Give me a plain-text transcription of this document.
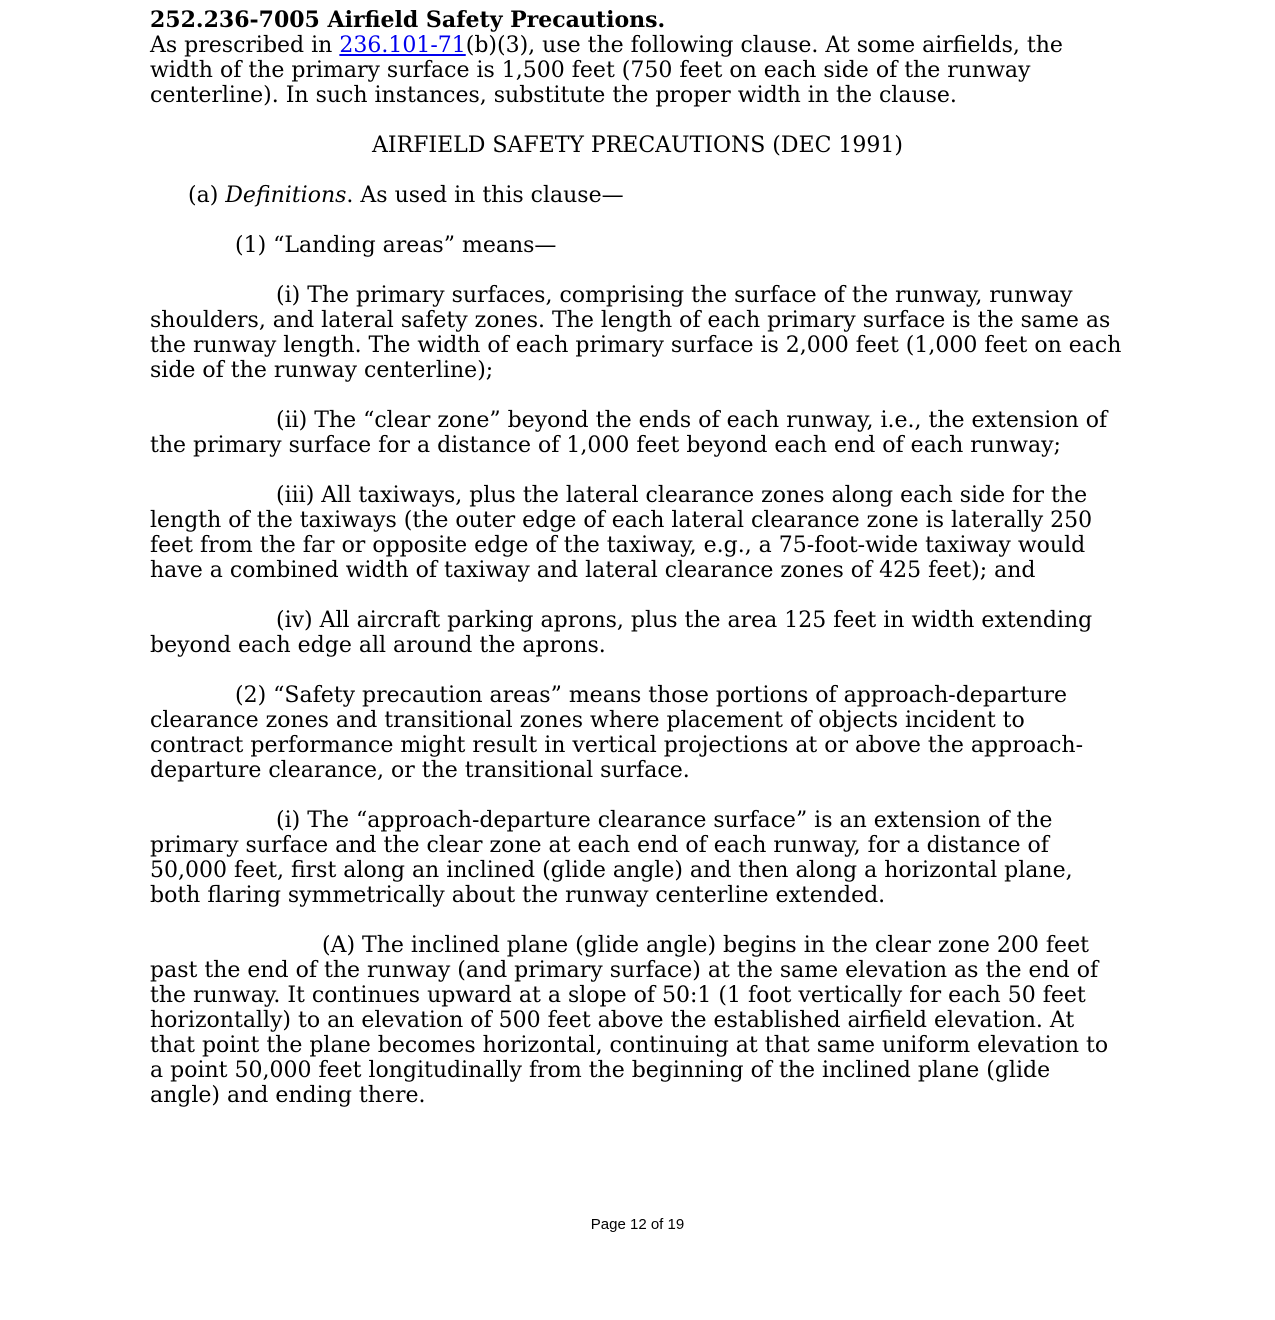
252.236-7005 Airfield Safety Precautions.

As prescribed in 236.101-71(b)(3), use the following clause. At some airfields, the width of the primary surface is 1,500 feet (750 feet on each side of the runway centerline). In such instances, substitute the proper width in the clause.

AIRFIELD SAFETY PRECAUTIONS (DEC 1991)

(a) Definitions. As used in this clause—

(1) “Landing areas” means—

(i) The primary surfaces, comprising the surface of the runway, runway shoulders, and lateral safety zones. The length of each primary surface is the same as the runway length. The width of each primary surface is 2,000 feet (1,000 feet on each side of the runway centerline);

(ii) The “clear zone” beyond the ends of each runway, i.e., the extension of the primary surface for a distance of 1,000 feet beyond each end of each runway;

(iii) All taxiways, plus the lateral clearance zones along each side for the length of the taxiways (the outer edge of each lateral clearance zone is laterally 250 feet from the far or opposite edge of the taxiway, e.g., a 75-foot-wide taxiway would have a combined width of taxiway and lateral clearance zones of 425 feet); and

(iv) All aircraft parking aprons, plus the area 125 feet in width extending beyond each edge all around the aprons.

(2) “Safety precaution areas” means those portions of approach-departure clearance zones and transitional zones where placement of objects incident to contract performance might result in vertical projections at or above the approach-departure clearance, or the transitional surface.

(i) The “approach-departure clearance surface” is an extension of the primary surface and the clear zone at each end of each runway, for a distance of 50,000 feet, first along an inclined (glide angle) and then along a horizontal plane, both flaring symmetrically about the runway centerline extended.

(A) The inclined plane (glide angle) begins in the clear zone 200 feet past the end of the runway (and primary surface) at the same elevation as the end of the runway. It continues upward at a slope of 50:1 (1 foot vertically for each 50 feet horizontally) to an elevation of 500 feet above the established airfield elevation. At that point the plane becomes horizontal, continuing at that same uniform elevation to a point 50,000 feet longitudinally from the beginning of the inclined plane (glide angle) and ending there.

Page 12 of 19
